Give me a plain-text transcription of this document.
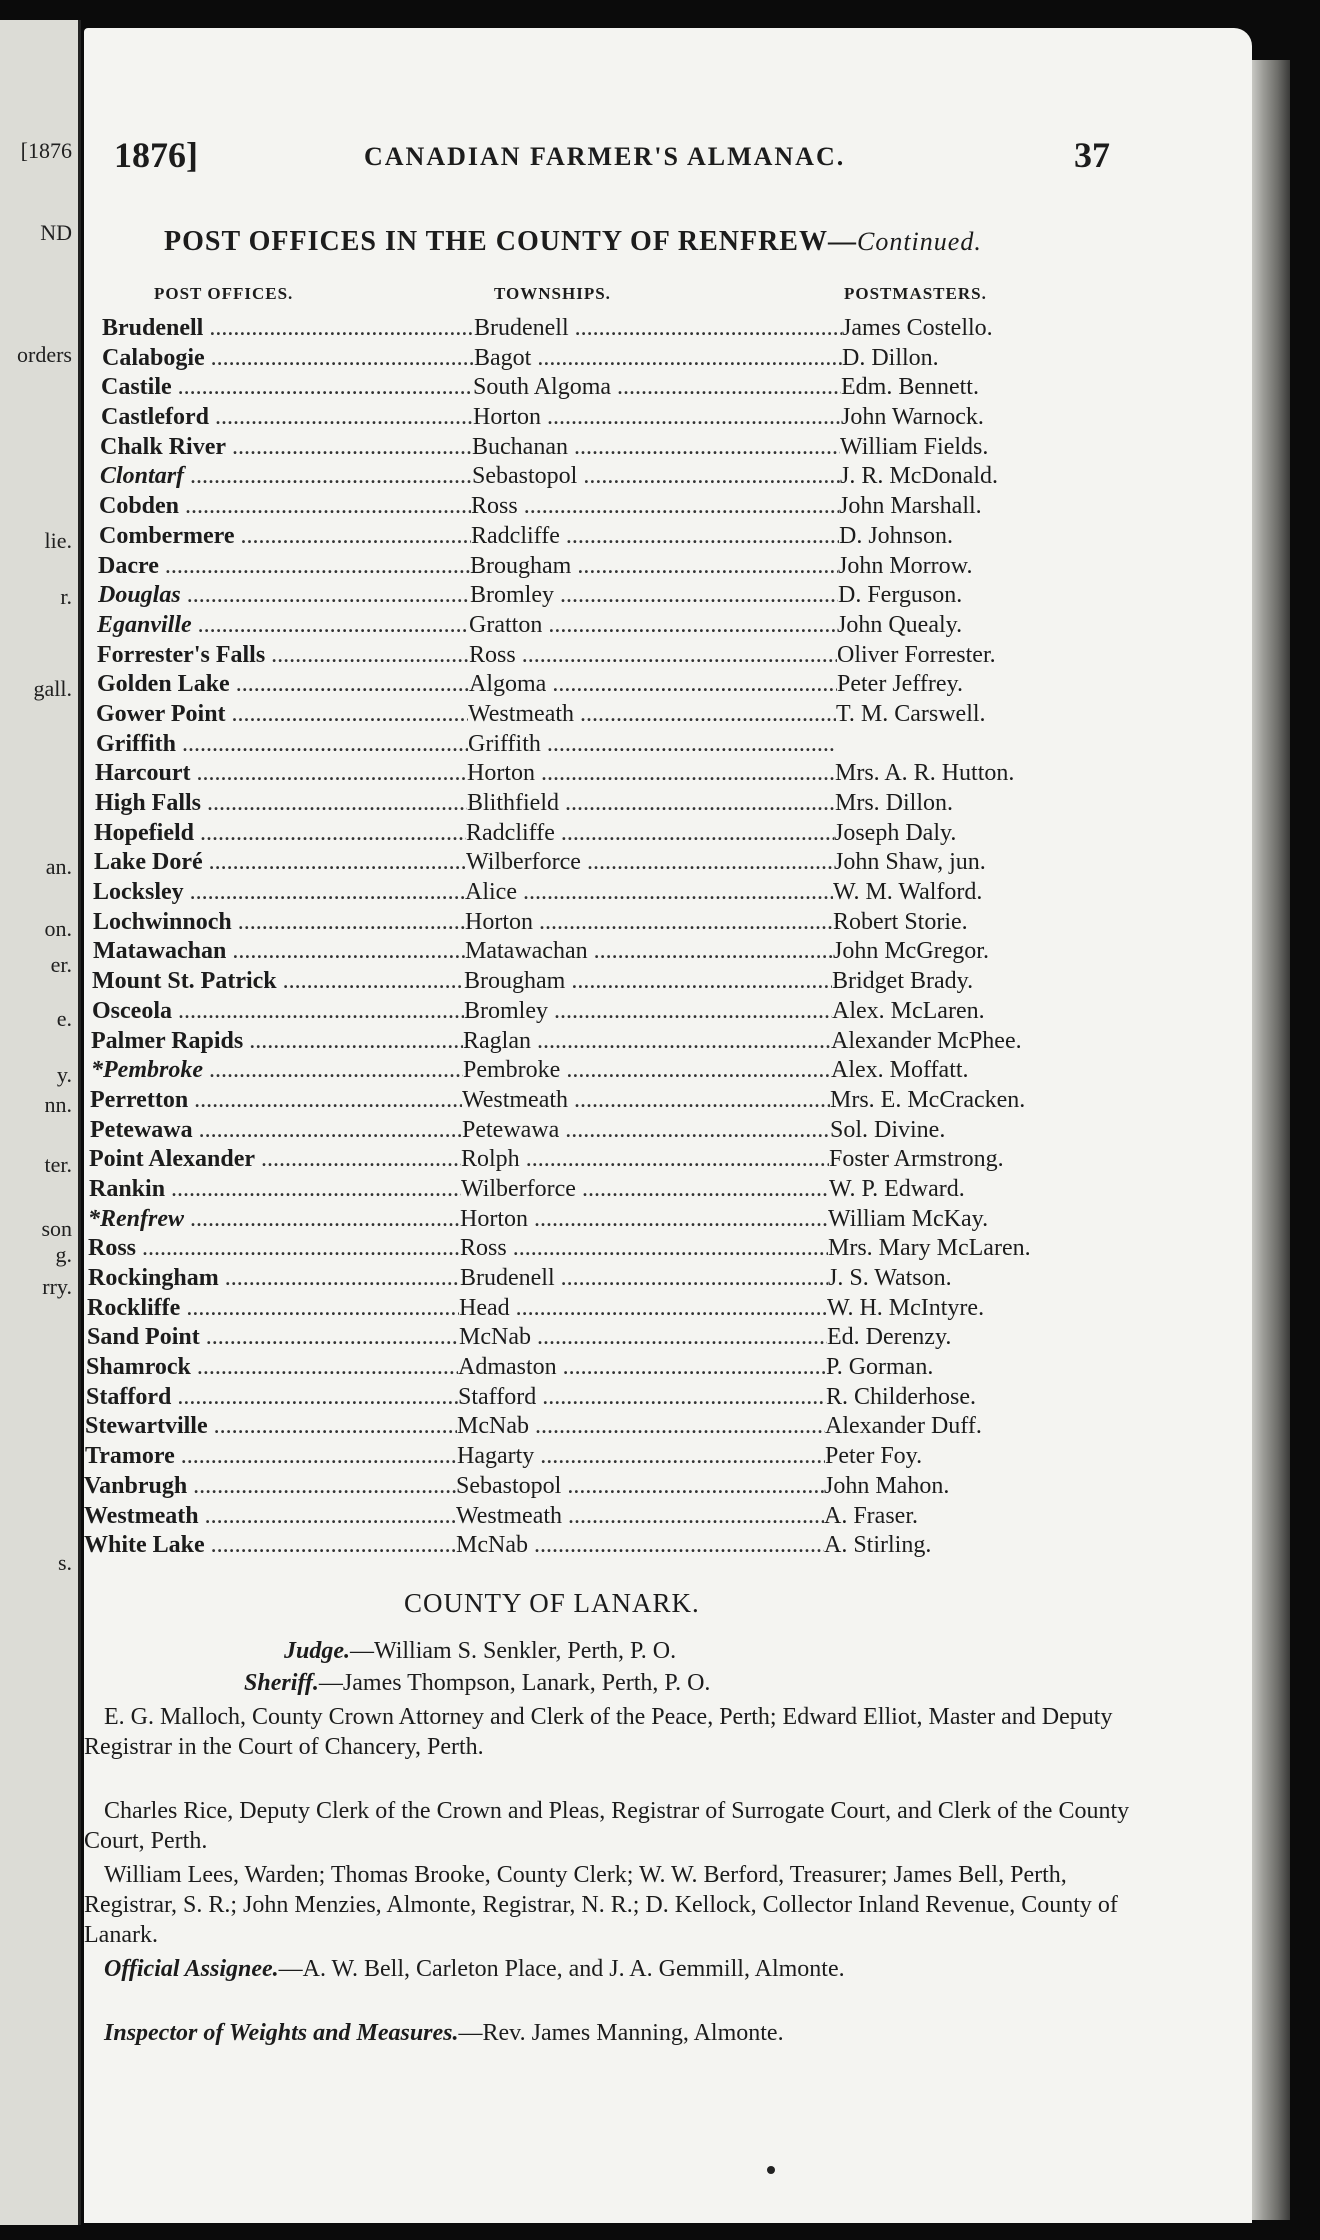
[1876
ND
orders
lie.
r.
gall.
an.
on.
er.
e.
y.
nn.
ter.
son
g.
rry.
s.
1876]	CANADIAN FARMER'S ALMANAC.	37
POST OFFICES IN THE COUNTY OF RENFREW—Continued.
POST OFFICES.	TOWNSHIPS.	POSTMASTERS.
Brudenell .....	Brudenell .....	James Costello.
Calabogie .....	Bagot .....	D. Dillon.
Castile .....	South Algoma .....	Edm. Bennett.
Castleford .....	Horton .....	John Warnock.
Chalk River .....	Buchanan .....	William Fields.
Clontarf .....	Sebastopol .....	J. R. McDonald.
Cobden .....	Ross .....	John Marshall.
Combermere .....	Radcliffe .....	D. Johnson.
Dacre .....	Brougham .....	John Morrow.
Douglas .....	Bromley .....	D. Ferguson.
Eganville .....	Gratton .....	John Quealy.
Forrester's Falls .....	Ross .....	Oliver Forrester.
Golden Lake .....	Algoma .....	Peter Jeffrey.
Gower Point .....	Westmeath .....	T. M. Carswell.
Griffith .....	Griffith .....
Harcourt .....	Horton .....	Mrs. A. R. Hutton.
High Falls .....	Blithfield .....	Mrs. Dillon.
Hopefield .....	Radcliffe .....	Joseph Daly.
Lake Doré .....	Wilberforce .....	John Shaw, jun.
Locksley .....	Alice .....	W. M. Walford.
Lochwinnoch .....	Horton .....	Robert Storie.
Matawachan .....	Matawachan .....	John McGregor.
Mount St. Patrick .....	Brougham .....	Bridget Brady.
Osceola .....	Bromley .....	Alex. McLaren.
Palmer Rapids .....	Raglan .....	Alexander McPhee.
*Pembroke .....	Pembroke .....	Alex. Moffatt.
Perretton .....	Westmeath .....	Mrs. E. McCracken.
Petewawa .....	Petewawa .....	Sol. Divine.
Point Alexander .....	Rolph .....	Foster Armstrong.
Rankin .....	Wilberforce .....	W. P. Edward.
*Renfrew .....	Horton .....	William McKay.
Ross .....	Ross .....	Mrs. Mary McLaren.
Rockingham .....	Brudenell .....	J. S. Watson.
Rockliffe .....	Head .....	W. H. McIntyre.
Sand Point .....	McNab .....	Ed. Derenzy.
Shamrock .....	Admaston .....	P. Gorman.
Stafford .....	Stafford .....	R. Childerhose.
Stewartville .....	McNab .....	Alexander Duff.
Tramore .....	Hagarty .....	Peter Foy.
Vanbrugh .....	Sebastopol .....	John Mahon.
Westmeath .....	Westmeath .....	A. Fraser.
White Lake .....	McNab .....	A. Stirling.
COUNTY OF LANARK.

Judge.—William S. Senkler, Perth, P. O.

Sheriff.—James Thompson, Lanark, Perth, P. O.

E. G. Malloch, County Crown Attorney and Clerk of the Peace, Perth; Edward Elliot, Master and Deputy Registrar in the Court of Chancery, Perth.

Charles Rice, Deputy Clerk of the Crown and Pleas, Registrar of Surrogate Court, and Clerk of the County Court, Perth.

William Lees, Warden; Thomas Brooke, County Clerk; W. W. Berford, Treasurer; James Bell, Perth, Registrar, S. R.; John Menzies, Almonte, Registrar, N. R.; D. Kellock, Collector Inland Revenue, County of Lanark.

Official Assignee.—A. W. Bell, Carleton Place, and J. A. Gemmill, Almonte.

Inspector of Weights and Measures.—Rev. James Manning, Almonte.
